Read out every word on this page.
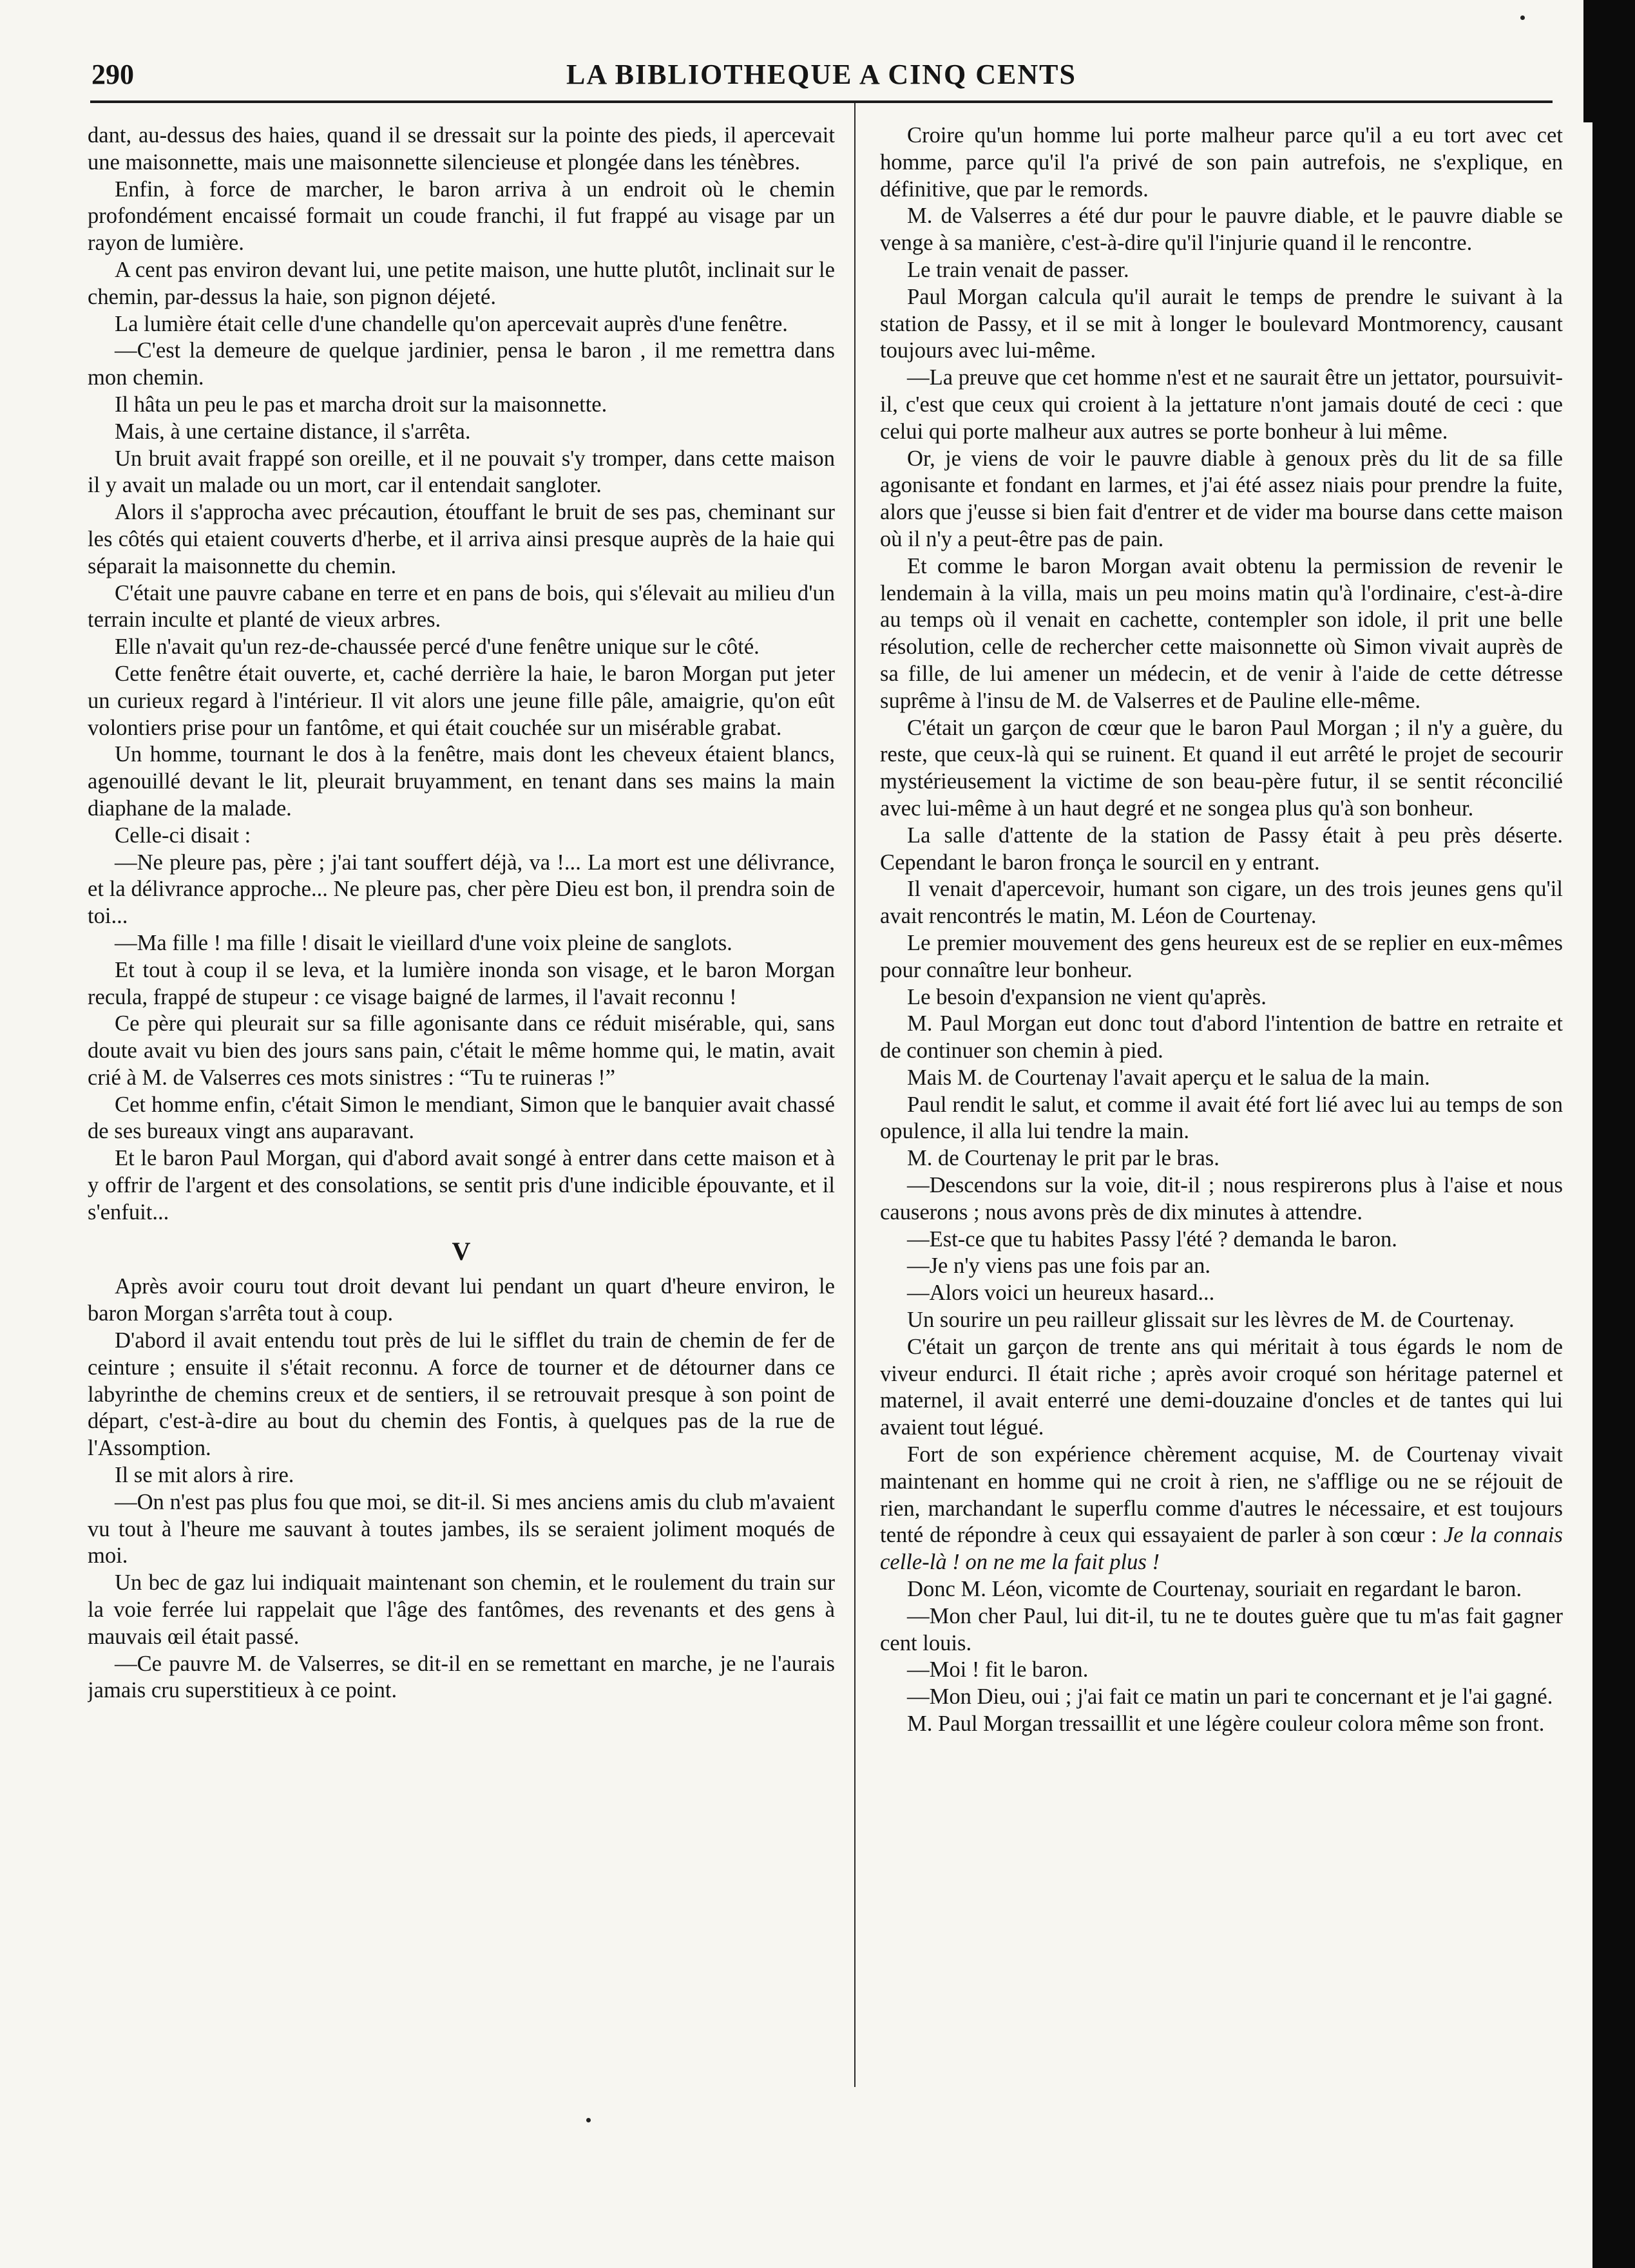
290	LA BIBLIOTHEQUE A CINQ CENTS

dant, au-dessus des haies, quand il se dressait sur la pointe des pieds, il apercevait une maisonnette, mais une maisonnette silencieuse et plongée dans les ténèbres.

Enfin, à force de marcher, le baron arriva à un endroit où le chemin profondément encaissé formait un coude franchi, il fut frappé au visage par un rayon de lumière.

A cent pas environ devant lui, une petite maison, une hutte plutôt, inclinait sur le chemin, par-dessus la haie, son pignon déjeté.

La lumière était celle d'une chandelle qu'on apercevait auprès d'une fenêtre.

—C'est la demeure de quelque jardinier, pensa le baron , il me remettra dans mon chemin.

Il hâta un peu le pas et marcha droit sur la maisonnette.

Mais, à une certaine distance, il s'arrêta.

Un bruit avait frappé son oreille, et il ne pouvait s'y tromper, dans cette maison il y avait un malade ou un mort, car il entendait sangloter.

Alors il s'approcha avec précaution, étouffant le bruit de ses pas, cheminant sur les côtés qui etaient couverts d'herbe, et il arriva ainsi presque auprès de la haie qui séparait la maisonnette du chemin.

C'était une pauvre cabane en terre et en pans de bois, qui s'élevait au milieu d'un terrain inculte et planté de vieux arbres.

Elle n'avait qu'un rez-de-chaussée percé d'une fenêtre unique sur le côté.

Cette fenêtre était ouverte, et, caché derrière la haie, le baron Morgan put jeter un curieux regard à l'intérieur. Il vit alors une jeune fille pâle, amaigrie, qu'on eût volontiers prise pour un fantôme, et qui était couchée sur un misérable grabat.

Un homme, tournant le dos à la fenêtre, mais dont les cheveux étaient blancs, agenouillé devant le lit, pleurait bruyamment, en tenant dans ses mains la main diaphane de la malade.

Celle-ci disait :

—Ne pleure pas, père ; j'ai tant souffert déjà, va !... La mort est une délivrance, et la délivrance approche... Ne pleure pas, cher père Dieu est bon, il prendra soin de toi...

—Ma fille ! ma fille ! disait le vieillard d'une voix pleine de sanglots.

Et tout à coup il se leva, et la lumière inonda son visage, et le baron Morgan recula, frappé de stupeur : ce visage baigné de larmes, il l'avait reconnu !

Ce père qui pleurait sur sa fille agonisante dans ce réduit misérable, qui, sans doute avait vu bien des jours sans pain, c'était le même homme qui, le matin, avait crié à M. de Valserres ces mots sinistres : “Tu te ruineras !”

Cet homme enfin, c'était Simon le mendiant, Simon que le banquier avait chassé de ses bureaux vingt ans auparavant.

Et le baron Paul Morgan, qui d'abord avait songé à entrer dans cette maison et à y offrir de l'argent et des consolations, se sentit pris d'une indicible épouvante, et il s'enfuit...

V

Après avoir couru tout droit devant lui pendant un quart d'heure environ, le baron Morgan s'arrêta tout à coup.

D'abord il avait entendu tout près de lui le sifflet du train de chemin de fer de ceinture ; ensuite il s'était reconnu. A force de tourner et de détourner dans ce labyrinthe de chemins creux et de sentiers, il se retrouvait presque à son point de départ, c'est-à-dire au bout du chemin des Fontis, à quelques pas de la rue de l'Assomption.

Il se mit alors à rire.

—On n'est pas plus fou que moi, se dit-il. Si mes anciens amis du club m'avaient vu tout à l'heure me sauvant à toutes jambes, ils se seraient joliment moqués de moi.

Un bec de gaz lui indiquait maintenant son chemin, et le roulement du train sur la voie ferrée lui rappelait que l'âge des fantômes, des revenants et des gens à mauvais œil était passé.

—Ce pauvre M. de Valserres, se dit-il en se remettant en marche, je ne l'aurais jamais cru superstitieux à ce point.

Croire qu'un homme lui porte malheur parce qu'il a eu tort avec cet homme, parce qu'il l'a privé de son pain autrefois, ne s'explique, en définitive, que par le remords.

M. de Valserres a été dur pour le pauvre diable, et le pauvre diable se venge à sa manière, c'est-à-dire qu'il l'injurie quand il le rencontre.

Le train venait de passer.

Paul Morgan calcula qu'il aurait le temps de prendre le suivant à la station de Passy, et il se mit à longer le boulevard Montmorency, causant toujours avec lui-même.

—La preuve que cet homme n'est et ne saurait être un jettator, poursuivit-il, c'est que ceux qui croient à la jettature n'ont jamais douté de ceci : que celui qui porte malheur aux autres se porte bonheur à lui même.

Or, je viens de voir le pauvre diable à genoux près du lit de sa fille agonisante et fondant en larmes, et j'ai été assez niais pour prendre la fuite, alors que j'eusse si bien fait d'entrer et de vider ma bourse dans cette maison où il n'y a peut-être pas de pain.

Et comme le baron Morgan avait obtenu la permission de revenir le lendemain à la villa, mais un peu moins matin qu'à l'ordinaire, c'est-à-dire au temps où il venait en cachette, contempler son idole, il prit une belle résolution, celle de rechercher cette maisonnette où Simon vivait auprès de sa fille, de lui amener un médecin, et de venir à l'aide de cette détresse suprême à l'insu de M. de Valserres et de Pauline elle-même.

C'était un garçon de cœur que le baron Paul Morgan ; il n'y a guère, du reste, que ceux-là qui se ruinent. Et quand il eut arrêté le projet de secourir mystérieusement la victime de son beau-père futur, il se sentit réconcilié avec lui-même à un haut degré et ne songea plus qu'à son bonheur.

La salle d'attente de la station de Passy était à peu près déserte. Cependant le baron fronça le sourcil en y entrant.

Il venait d'apercevoir, humant son cigare, un des trois jeunes gens qu'il avait rencontrés le matin, M. Léon de Courtenay.

Le premier mouvement des gens heureux est de se replier en eux-mêmes pour connaître leur bonheur.

Le besoin d'expansion ne vient qu'après.

M. Paul Morgan eut donc tout d'abord l'intention de battre en retraite et de continuer son chemin à pied.

Mais M. de Courtenay l'avait aperçu et le salua de la main.

Paul rendit le salut, et comme il avait été fort lié avec lui au temps de son opulence, il alla lui tendre la main.

M. de Courtenay le prit par le bras.

—Descendons sur la voie, dit-il ; nous respirerons plus à l'aise et nous causerons ; nous avons près de dix minutes à attendre.

—Est-ce que tu habites Passy l'été ? demanda le baron.

—Je n'y viens pas une fois par an.

—Alors voici un heureux hasard...

Un sourire un peu railleur glissait sur les lèvres de M. de Courtenay.

C'était un garçon de trente ans qui méritait à tous égards le nom de viveur endurci. Il était riche ; après avoir croqué son héritage paternel et maternel, il avait enterré une demi-douzaine d'oncles et de tantes qui lui avaient tout légué.

Fort de son expérience chèrement acquise, M. de Courtenay vivait maintenant en homme qui ne croit à rien, ne s'afflige ou ne se réjouit de rien, marchandant le superflu comme d'autres le nécessaire, et est toujours tenté de répondre à ceux qui essayaient de parler à son cœur : Je la connais celle-là ! on ne me la fait plus !

Donc M. Léon, vicomte de Courtenay, souriait en regardant le baron.

—Mon cher Paul, lui dit-il, tu ne te doutes guère que tu m'as fait gagner cent louis.

—Moi ! fit le baron.

—Mon Dieu, oui ; j'ai fait ce matin un pari te concernant et je l'ai gagné.

M. Paul Morgan tressaillit et une légère couleur colora même son front.
